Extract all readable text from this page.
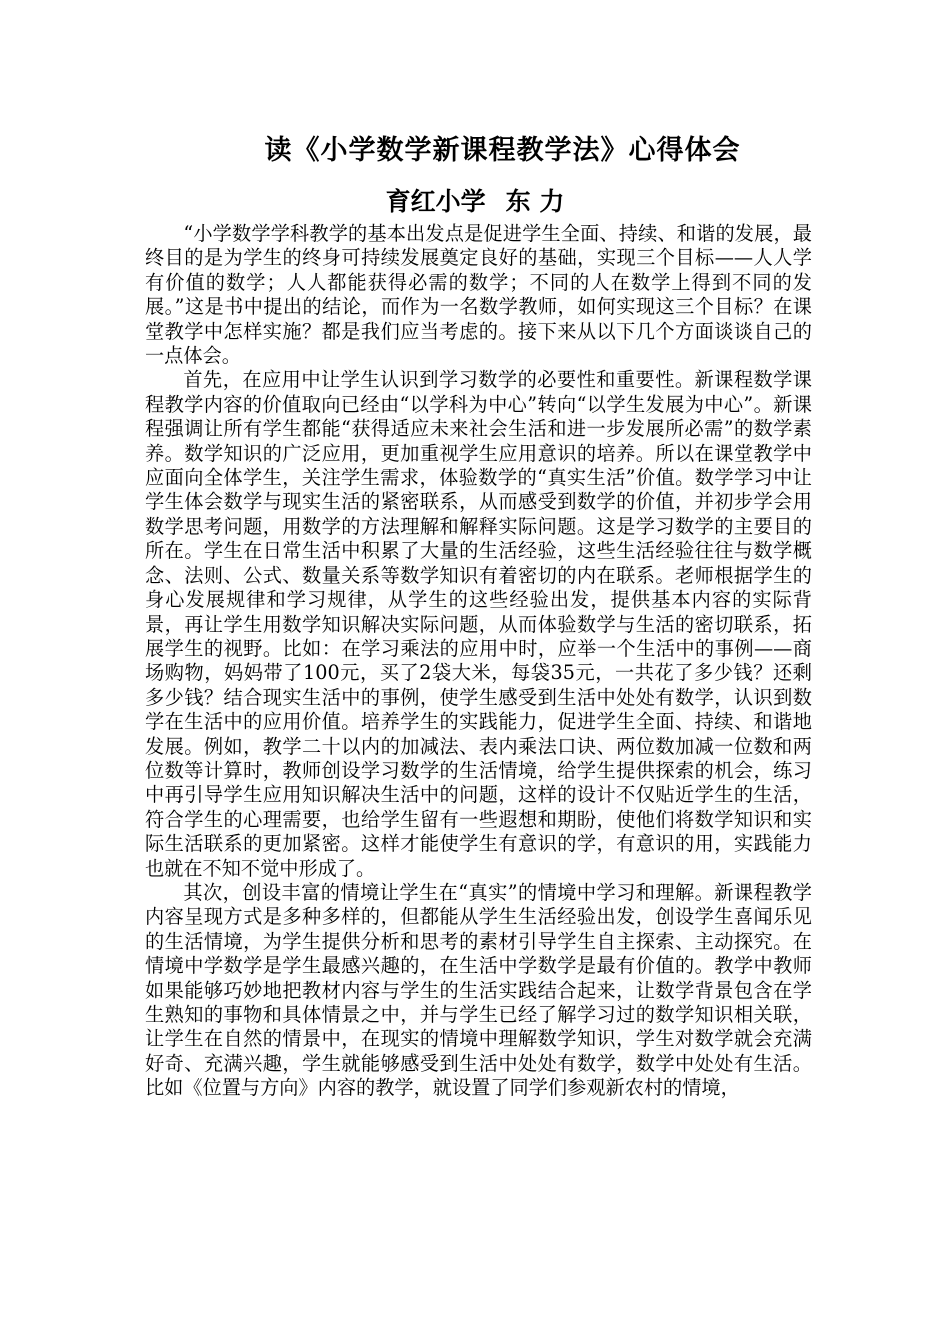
读《小学数学新课程教学法》心得体会
育红小学 东 力

“小学数学学科教学的基本出发点是促进学生全面、持续、和谐的发展，最终目的是为学生的终身可持续发展奠定良好的基础，实现三个目标——人人学有价值的数学；人人都能获得必需的数学；不同的人在数学上得到不同的发展。”这是书中提出的结论，而作为一名数学教师，如何实现这三个目标？在课堂教学中怎样实施？都是我们应当考虑的。接下来从以下几个方面谈谈自己的一点体会。

首先，在应用中让学生认识到学习数学的必要性和重要性。新课程数学课程教学内容的价值取向已经由“以学科为中心”转向“以学生发展为中心”。新课程强调让所有学生都能“获得适应未来社会生活和进一步发展所必需”的数学素养。数学知识的广泛应用，更加重视学生应用意识的培养。所以在课堂教学中应面向全体学生，关注学生需求，体验数学的“真实生活”价值。数学学习中让学生体会数学与现实生活的紧密联系，从而感受到数学的价值，并初步学会用数学思考问题，用数学的方法理解和解释实际问题。这是学习数学的主要目的所在。学生在日常生活中积累了大量的生活经验，这些生活经验往往与数学概念、法则、公式、数量关系等数学知识有着密切的内在联系。老师根据学生的身心发展规律和学习规律，从学生的这些经验出发，提供基本内容的实际背景，再让学生用数学知识解决实际问题，从而体验数学与生活的密切联系，拓展学生的视野。比如：在学习乘法的应用中时，应举一个生活中的事例——商场购物，妈妈带了100元，买了2袋大米，每袋35元，一共花了多少钱？还剩多少钱？结合现实生活中的事例，使学生感受到生活中处处有数学，认识到数学在生活中的应用价值。培养学生的实践能力，促进学生全面、持续、和谐地发展。例如，教学二十以内的加减法、表内乘法口诀、两位数加减一位数和两位数等计算时，教师创设学习数学的生活情境，给学生提供探索的机会，练习中再引导学生应用知识解决生活中的问题，这样的设计不仅贴近学生的生活，符合学生的心理需要，也给学生留有一些遐想和期盼，使他们将数学知识和实际生活联系的更加紧密。这样才能使学生有意识的学，有意识的用，实践能力也就在不知不觉中形成了。

其次，创设丰富的情境让学生在“真实”的情境中学习和理解。新课程教学内容呈现方式是多种多样的，但都能从学生生活经验出发，创设学生喜闻乐见的生活情境，为学生提供分析和思考的素材引导学生自主探索、主动探究。在情境中学数学是学生最感兴趣的，在生活中学数学是最有价值的。教学中教师如果能够巧妙地把教材内容与学生的生活实践结合起来，让数学背景包含在学生熟知的事物和具体情景之中，并与学生已经了解学习过的数学知识相关联，让学生在自然的情景中，在现实的情境中理解数学知识，学生对数学就会充满好奇、充满兴趣，学生就能够感受到生活中处处有数学，数学中处处有生活。比如《位置与方向》内容的教学，就设置了同学们参观新农村的情境，
